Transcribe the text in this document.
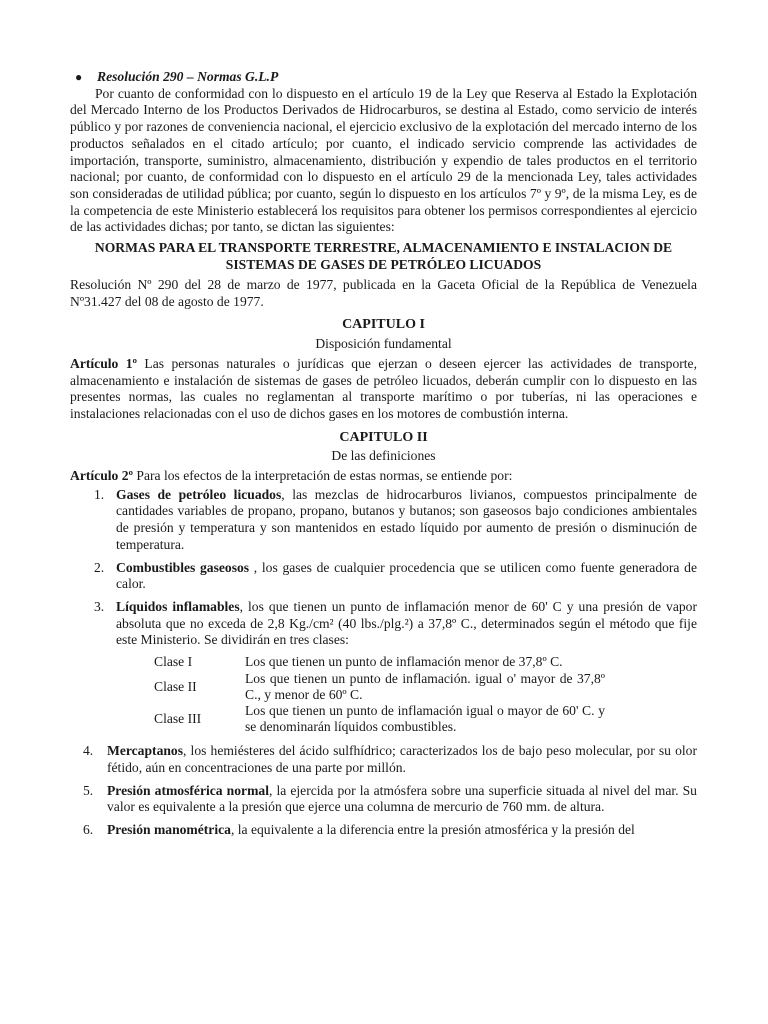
●	Resolución 290 – Normas G.L.P

Por cuanto de conformidad con lo dispuesto en el artículo 19 de la Ley que Reserva al Estado la Explotación del Mercado Interno de los Productos Derivados de Hidrocarburos, se destina al Estado, como servicio de interés público y por razones de conveniencia nacional, el ejercicio exclusivo de la explotación del mercado interno de los productos señalados en el citado artículo; por cuanto, el indicado servicio comprende las actividades de importación, transporte, suministro, almacenamiento, distribución y expendio de tales productos en el territorio nacional; por cuanto, de conformidad con lo dispuesto en el artículo 29 de la mencionada Ley, tales actividades son consideradas de utilidad pública; por cuanto, según lo dispuesto en los artículos 7º y 9º, de la misma Ley, es de la competencia de este Ministerio establecerá los requisitos para obtener los permisos correspondientes al ejercicio de las actividades dichas; por tanto, se dictan las siguientes:

NORMAS PARA EL TRANSPORTE TERRESTRE, ALMACENAMIENTO E INSTALACION DE SISTEMAS DE GASES DE PETRÓLEO LICUADOS

Resolución Nº 290 del 28 de marzo de 1977, publicada en la Gaceta Oficial de la República de Venezuela Nº31.427 del 08 de agosto de 1977.

CAPITULO I
Disposición fundamental

Artículo 1º Las personas naturales o jurídicas que ejerzan o deseen ejercer las actividades de transporte, almacenamiento e instalación de sistemas de gases de petróleo licuados, deberán cumplir con lo dispuesto en las presentes normas, las cuales no reglamentan al transporte marítimo o por tuberías, ni las operaciones e instalaciones relacionadas con el uso de dichos gases en los motores de combustión interna.

CAPITULO II
De las definiciones

Artículo 2º Para los efectos de la interpretación de estas normas, se entiende por:

1. Gases de petróleo licuados, las mezclas de hidrocarburos livianos, compuestos principalmente de cantidades variables de propano, propano, butanos y butanos; son gaseosos bajo condiciones ambientales de presión y temperatura y son mantenidos en estado líquido por aumento de presión o disminución de temperatura.
2. Combustibles gaseosos , los gases de cualquier procedencia que se utilicen como fuente generadora de calor.
3. Líquidos inflamables, los que tienen un punto de inflamación menor de 60' C y una presión de vapor absoluta que no exceda de 2,8 Kg./cm² (40 lbs./plg.²) a 37,8º C., determinados según el método que fije este Ministerio. Se dividirán en tres clases:
Clase I	Los que tienen un punto de inflamación menor de 37,8º C.
Clase II	Los que tienen un punto de inflamación. igual o' mayor de 37,8º C., y menor de 60º C.
Clase III	Los que tienen un punto de inflamación igual o mayor de 60' C. y se denominarán líquidos combustibles.
4. Mercaptanos, los hemiésteres del ácido sulfhídrico; caracterizados los de bajo peso molecular, por su olor fétido, aún en concentraciones de una parte por millón.
5. Presión atmosférica normal, la ejercida por la atmósfera sobre una superficie situada al nivel del mar. Su valor es equivalente a la presión que ejerce una columna de mercurio de 760 mm. de altura.
6. Presión manométrica, la equivalente a la diferencia entre la presión atmosférica y la presión del
